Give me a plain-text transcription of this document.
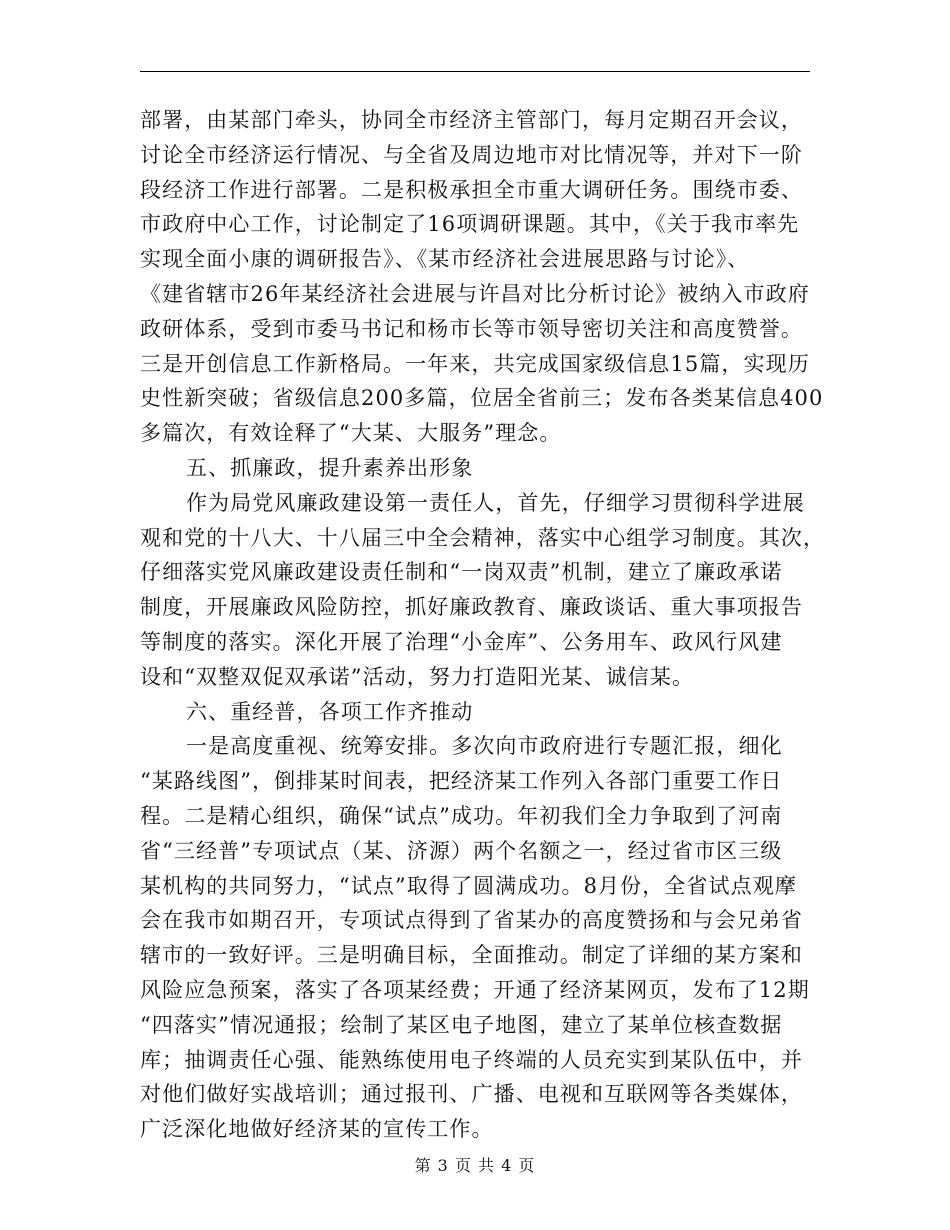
部署，由某部门牵头，协同全市经济主管部门，每月定期召开会议，
讨论全市经济运行情况、与全省及周边地市对比情况等，并对下一阶
段经济工作进行部署。二是积极承担全市重大调研任务。围绕市委、
市政府中心工作，讨论制定了16项调研课题。其中，《关于我市率先
实现全面小康的调研报告》、《某市经济社会进展思路与讨论》、
《建省辖市26年某经济社会进展与许昌对比分析讨论》被纳入市政府
政研体系，受到市委马书记和杨市长等市领导密切关注和高度赞誉。
三是开创信息工作新格局。一年来，共完成国家级信息15篇，实现历
史性新突破；省级信息200多篇，位居全省前三；发布各类某信息400
多篇次，有效诠释了“大某、大服务”理念。
五、抓廉政，提升素养出形象
作为局党风廉政建设第一责任人，首先，仔细学习贯彻科学进展
观和党的十八大、十八届三中全会精神，落实中心组学习制度。其次，
仔细落实党风廉政建设责任制和“一岗双责”机制，建立了廉政承诺
制度，开展廉政风险防控，抓好廉政教育、廉政谈话、重大事项报告
等制度的落实。深化开展了治理“小金库”、公务用车、政风行风建
设和“双整双促双承诺”活动，努力打造阳光某、诚信某。
六、重经普，各项工作齐推动
一是高度重视、统筹安排。多次向市政府进行专题汇报，细化
“某路线图”，倒排某时间表，把经济某工作列入各部门重要工作日
程。二是精心组织，确保“试点”成功。年初我们全力争取到了河南
省“三经普”专项试点（某、济源）两个名额之一，经过省市区三级
某机构的共同努力，“试点”取得了圆满成功。8月份，全省试点观摩
会在我市如期召开，专项试点得到了省某办的高度赞扬和与会兄弟省
辖市的一致好评。三是明确目标，全面推动。制定了详细的某方案和
风险应急预案，落实了各项某经费；开通了经济某网页，发布了12期
“四落实”情况通报；绘制了某区电子地图，建立了某单位核查数据
库；抽调责任心强、能熟练使用电子终端的人员充实到某队伍中，并
对他们做好实战培训；通过报刊、广播、电视和互联网等各类媒体，
广泛深化地做好经济某的宣传工作。
第 3 页 共 4 页
